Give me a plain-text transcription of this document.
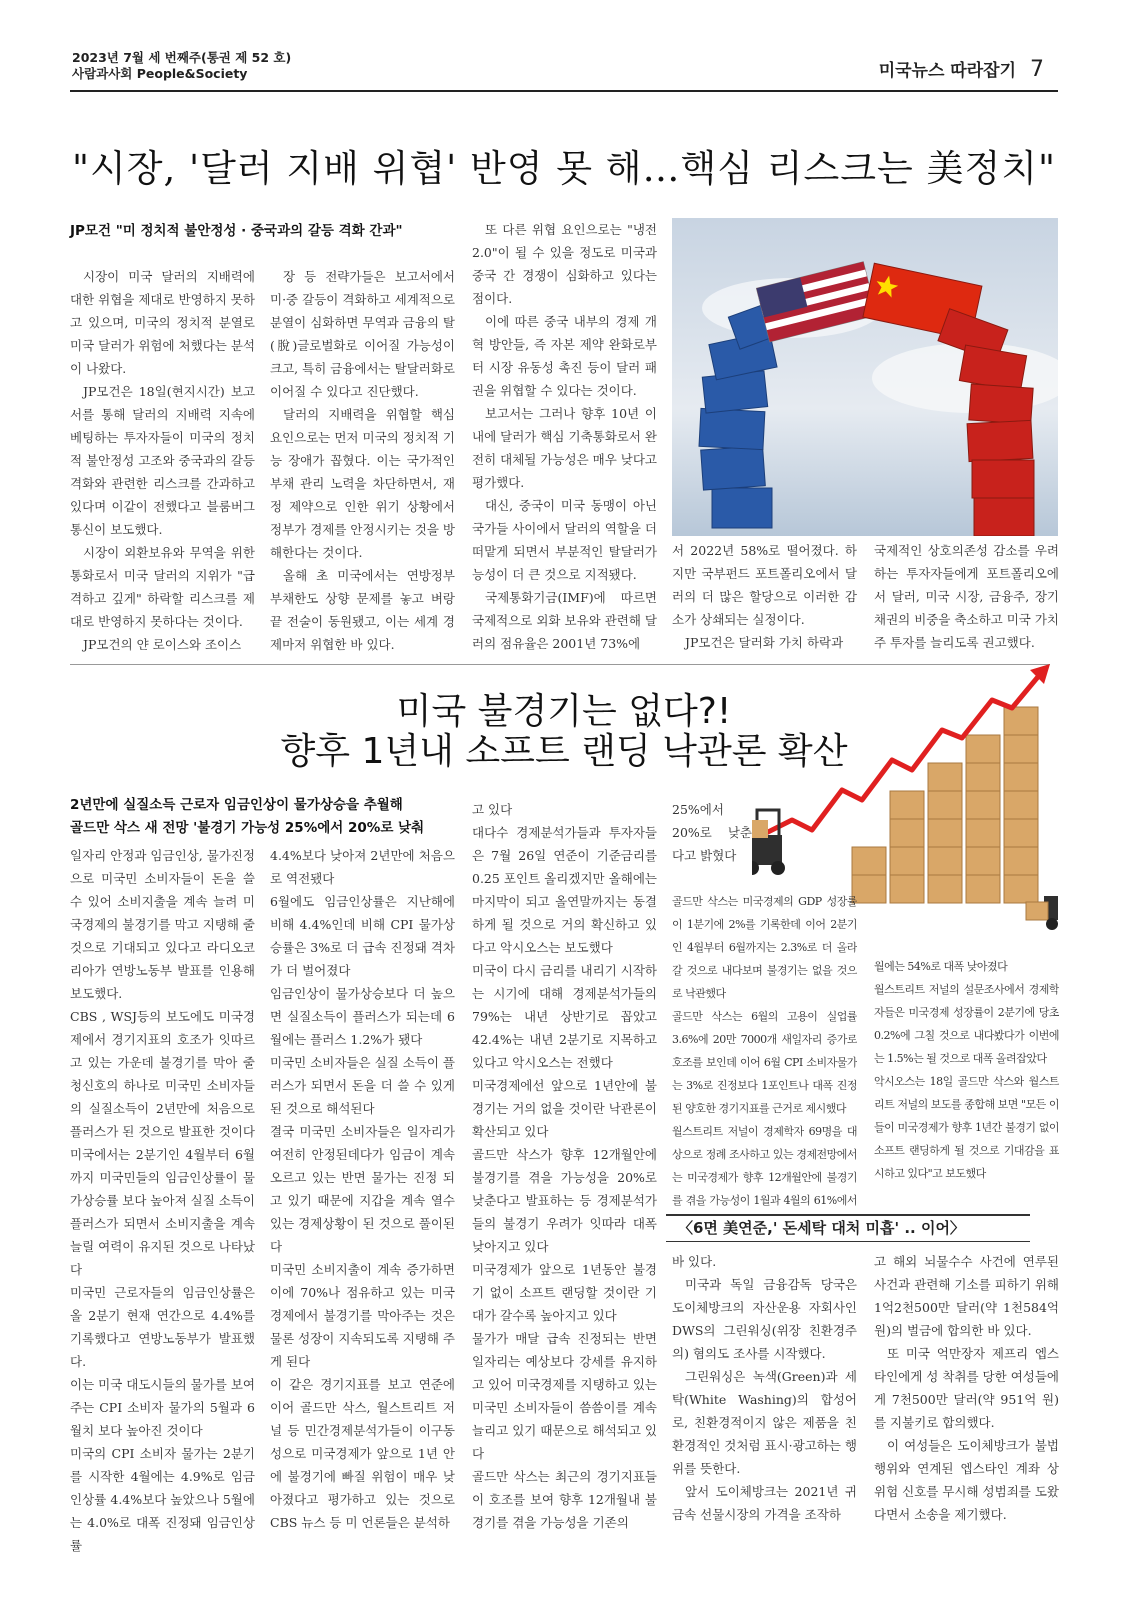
2023년 7월 세 번째주(통권 제 52 호)
사람과사회 People&Society	미국뉴스 따라잡기 7
"시장, '달러 지배 위협' 반영 못 해…핵심 리스크는 美정치"
JP모건 "미 정치적 불안정성 · 중국과의 갈등 격화 간과"

시장이 미국 달러의 지배력에 대한 위협을 제대로 반영하지 못하고 있으며, 미국의 정치적 분열로 미국 달러가 위험에 처했다는 분석이 나왔다.

JP모건은 18일(현지시간) 보고서를 통해 달러의 지배력 지속에 베팅하는 투자자들이 미국의 정치적 불안정성 고조와 중국과의 갈등 격화와 관련한 리스크를 간과하고 있다며 이같이 전했다고 블룸버그통신이 보도했다.

시장이 외환보유와 무역을 위한 통화로서 미국 달러의 지위가 "급격하고 깊게" 하락할 리스크를 제대로 반영하지 못하다는 것이다.

JP모건의 얀 로이스와 조이스

장 등 전략가들은 보고서에서 미·중 갈등이 격화하고 세계적으로 분열이 심화하면 무역과 금융의 탈(脫)글로벌화로 이어질 가능성이 크고, 특히 금융에서는 탈달러화로 이어질 수 있다고 진단했다.

달러의 지배력을 위협할 핵심 요인으로는 먼저 미국의 정치적 기능 장애가 꼽혔다. 이는 국가적인 부채 관리 노력을 차단하면서, 재정 제약으로 인한 위기 상황에서 정부가 경제를 안정시키는 것을 방해한다는 것이다.

올해 초 미국에서는 연방정부 부채한도 상향 문제를 놓고 벼랑 끝 전술이 동원됐고, 이는 세계 경제마저 위협한 바 있다.

또 다른 위협 요인으로는 "냉전 2.0"이 될 수 있을 정도로 미국과 중국 간 경쟁이 심화하고 있다는 점이다.

이에 따른 중국 내부의 경제 개혁 방안들, 즉 자본 제약 완화로부터 시장 유동성 촉진 등이 달러 패권을 위협할 수 있다는 것이다.

보고서는 그러나 향후 10년 이내에 달러가 핵심 기축통화로서 완전히 대체될 가능성은 매우 낮다고 평가했다.

대신, 중국이 미국 동맹이 아닌 국가들 사이에서 달러의 역할을 더 떠맡게 되면서 부분적인 탈달러가능성이 더 큰 것으로 지적됐다.

국제통화기금(IMF)에 따르면 국제적으로 외화 보유와 관련해 달러의 점유율은 2001년 73%에

서 2022년 58%로 떨어졌다. 하지만 국부펀드 포트폴리오에서 달러의 더 많은 할당으로 이러한 감소가 상쇄되는 실정이다.

JP모건은 달러화 가치 하락과

국제적인 상호의존성 감소를 우려하는 투자자들에게 포트폴리오에서 달러, 미국 시장, 금융주, 장기채권의 비중을 축소하고 미국 가치주 투자를 늘리도록 권고했다.

미국 불경기는 없다?!
향후 1년내 소프트 랜딩 낙관론 확산
2년만에 실질소득 근로자 임금인상이 물가상승을 추월해
골드만 삭스 새 전망 '불경기 가능성 25%에서 20%로 낮춰

일자리 안정과 임금인상, 물가진정으로 미국민 소비자들이 돈을 쓸 수 있어 소비지출을 계속 늘려 미국경제의 불경기를 막고 지탱해 줄 것으로 기대되고 있다고 라디오코리아가 연방노동부 발표를 인용해 보도했다.

CBS , WSJ등의 보도에도 미국경제에서 경기지표의 호조가 잇따르고 있는 가운데 불경기를 막아 줄 청신호의 하나로 미국민 소비자들의 실질소득이 2년만에 처음으로 플러스가 된 것으로 발표한 것이다

미국에서는 2분기인 4월부터 6월까지 미국민들의 임금인상률이 물가상승률 보다 높아져 실질 소득이 플러스가 되면서 소비지출을 계속 늘릴 여력이 유지된 것으로 나타났다

미국민 근로자들의 임금인상률은 올 2분기 현재 연간으로 4.4%를 기록했다고 연방노동부가 발표했다.

이는 미국 대도시들의 물가를 보여주는 CPI 소비자 물가의 5월과 6월치 보다 높아진 것이다

미국의 CPI 소비자 물가는 2분기를 시작한 4월에는 4.9%로 임금인상률 4.4%보다 높았으나 5월에는 4.0%로 대폭 진정돼 임금인상률

4.4%보다 낮아져 2년만에 처음으로 역전됐다

6월에도 임금인상률은 지난해에 비해 4.4%인데 비해 CPI 물가상승률은 3%로 더 급속 진정돼 격차가 더 벌어졌다

임금인상이 물가상승보다 더 높으면 실질소득이 플러스가 되는데 6월에는 플러스 1.2%가 됐다

미국민 소비자들은 실질 소득이 플러스가 되면서 돈을 더 쓸 수 있게 된 것으로 해석된다

결국 미국민 소비자들은 일자리가 여전히 안정된데다가 임금이 계속 오르고 있는 반면 물가는 진정 되고 있기 때문에 지갑을 계속 열수 있는 경제상황이 된 것으로 풀이된다

미국민 소비지출이 계속 증가하면 이에 70%나 점유하고 있는 미국경제에서 불경기를 막아주는 것은 물론 성장이 지속되도록 지탱해 주게 된다

이 같은 경기지표를 보고 연준에 이어 골드만 삭스, 월스트리트 저널 등 민간경제분석가들이 이구동성으로 미국경제가 앞으로 1년 안에 불경기에 빠질 위험이 매우 낮아졌다고 평가하고 있는 것으로 CBS 뉴스 등 미 언론들은 분석하

고 있다

대다수 경제분석가들과 투자자들은 7월 26일 연준이 기준금리를 0.25 포인트 올리겠지만 올해에는 마지막이 되고 올연말까지는 동결하게 될 것으로 거의 확신하고 있다고 악시오스는 보도했다

미국이 다시 금리를 내리기 시작하는 시기에 대해 경제분석가들의 79%는 내년 상반기로 꼽았고 42.4%는 내년 2분기로 지목하고 있다고 악시오스는 전했다

미국경제에선 앞으로 1년안에 불경기는 거의 없을 것이란 낙관론이 확산되고 있다

골드만 삭스가 향후 12개월안에 불경기를 겪을 가능성을 20%로 낮춘다고 발표하는 등 경제분석가들의 불경기 우려가 잇따라 대폭 낮아지고 있다

미국경제가 앞으로 1년동안 불경기 없이 소프트 랜딩할 것이란 기대가 갈수록 높아지고 있다

물가가 매달 급속 진정되는 반면 일자리는 예상보다 강세를 유지하고 있어 미국경제를 지탱하고 있는 미국민 소비자들이 씀씀이를 계속 늘리고 있기 때문으로 해석되고 있다

골드만 삭스는 최근의 경기지표들이 호조를 보여 향후 12개월내 불경기를 겪을 가능성을 기존의

25%에서 20%로 낮춘다고 밝혔다

골드만 삭스는 미국경제의 GDP 성장률이 1분기에 2%를 기록한데 이어 2분기인 4월부터 6월까지는 2.3%로 더 올라갈 것으로 내다보며 불경기는 없을 것으로 낙관했다

골드만 삭스는 6월의 고용이 실업률 3.6%에 20만 7000개 새일자리 증가로 호조를 보인데 이어 6월 CPI 소비자물가는 3%로 진정보다 1포인트나 대폭 진정된 양호한 경기지표를 근거로 제시했다

월스트리트 저널이 경제학자 69명을 대상으로 정례 조사하고 있는 경제전망에서는 미국경제가 향후 12개월안에 불경기를 겪을 가능성이 1월과 4월의 61%에서

월에는 54%로 대폭 낮아졌다

월스트리트 저널의 설문조사에서 경제학자들은 미국경제 성장률이 2분기에 당초 0.2%에 그칠 것으로 내다봤다가 이번에는 1.5%는 될 것으로 대폭 올려잡았다

악시오스는 18일 골드만 삭스와 월스트리트 저널의 보도를 종합해 보면 "모든 이들이 미국경제가 향후 1년간 불경기 없이 소프트 랜딩하게 될 것으로 기대감을 표시하고 있다"고 보도했다

〈6면 美연준,' 돈세탁 대처 미흡' .. 이어〉

바 있다.

미국과 독일 금융감독 당국은 도이체방크의 자산운용 자회사인 DWS의 그린워싱(위장 친환경주의) 혐의도 조사를 시작했다.

그린워싱은 녹색(Green)과 세탁(White Washing)의 합성어로, 친환경적이지 않은 제품을 친환경적인 것처럼 표시·광고하는 행위를 뜻한다.

앞서 도이체방크는 2021년 귀금속 선물시장의 가격을 조작하

고 해외 뇌물수수 사건에 연루된 사건과 관련해 기소를 피하기 위해 1억2천500만 달러(약 1천584억 원)의 벌금에 합의한 바 있다.

또 미국 억만장자 제프리 엡스타인에게 성 착취를 당한 여성들에게 7천500만 달러(약 951억 원)를 지불키로 합의했다.

이 여성들은 도이체방크가 불법 행위와 연계된 엡스타인 계좌 상 위험 신호를 무시해 성범죄를 도왔다면서 소송을 제기했다.
